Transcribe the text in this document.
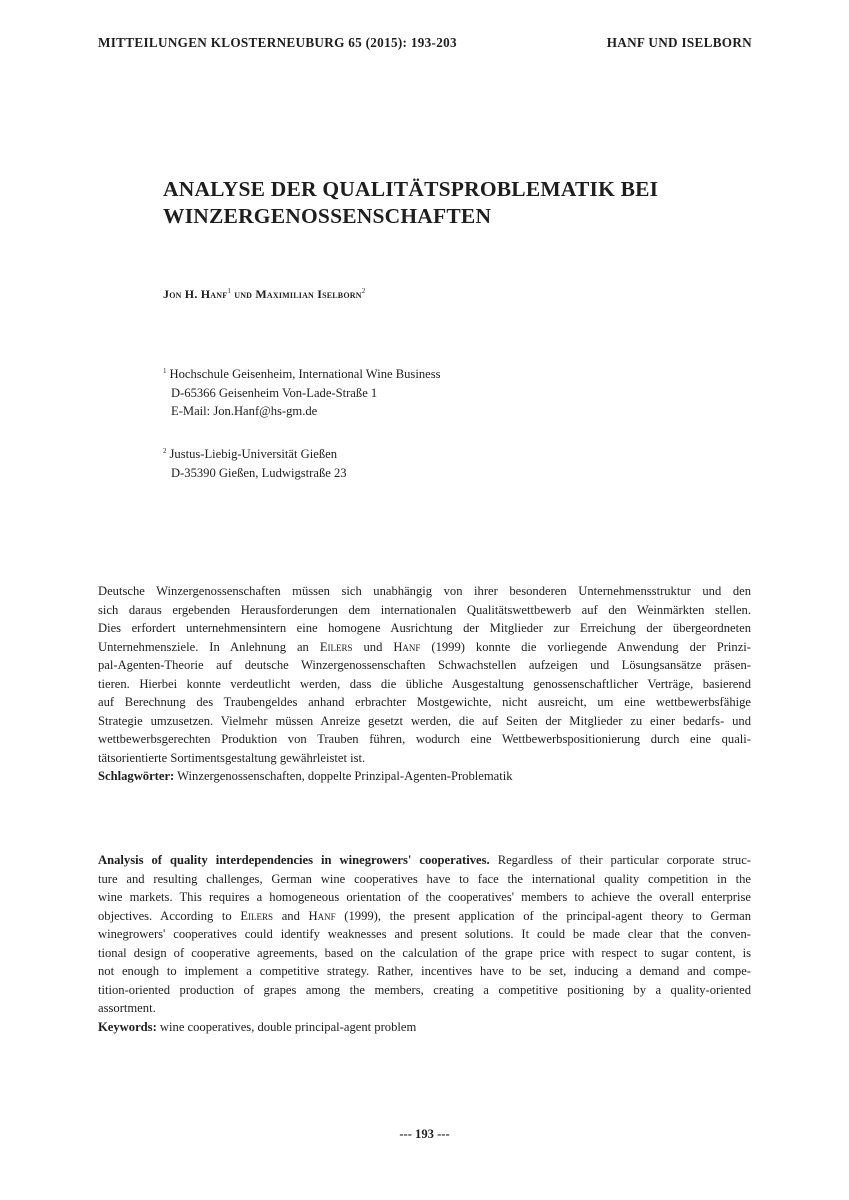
MITTEILUNGEN KLOSTERNEUBURG 65 (2015): 193-203	HANF UND ISELBORN
ANALYSE DER QUALITÄTSPROBLEMATIK BEI
WINZERGENOSSENSCHAFTEN
Jon H. Hanf$^1$ und Maximilian Iselborn$^2$
$^1$ Hochschule Geisenheim, International Wine Business
D-65366 Geisenheim Von-Lade-Straße 1
E-Mail: Jon.Hanf@hs-gm.de
$^2$ Justus-Liebig-Universität Gießen
D-35390 Gießen, Ludwigstraße 23
Deutsche Winzergenossenschaften müssen sich unabhängig von ihrer besonderen Unternehmensstruktur und den
sich daraus ergebenden Herausforderungen dem internationalen Qualitätswettbewerb auf den Weinmärkten stellen.
Dies erfordert unternehmensintern eine homogene Ausrichtung der Mitglieder zur Erreichung der übergeordneten
Unternehmensziele. In Anlehnung an Eilers und Hanf (1999) konnte die vorliegende Anwendung der Prinzi-
pal-Agenten-Theorie auf deutsche Winzergenossenschaften Schwachstellen aufzeigen und Lösungsansätze präsen-
tieren. Hierbei konnte verdeutlicht werden, dass die übliche Ausgestaltung genossenschaftlicher Verträge, basierend
auf Berechnung des Traubengeldes anhand erbrachter Mostgewichte, nicht ausreicht, um eine wettbewerbsfähige
Strategie umzusetzen. Vielmehr müssen Anreize gesetzt werden, die auf Seiten der Mitglieder zu einer bedarfs- und
wettbewerbsgerechten Produktion von Trauben führen, wodurch eine Wettbewerbspositionierung durch eine quali-
tätsorientierte Sortimentsgestaltung gewährleistet ist.
Schlagwörter: Winzergenossenschaften, doppelte Prinzipal-Agenten-Problematik
Analysis of quality interdependencies in winegrowers' cooperatives. Regardless of their particular corporate struc-
ture and resulting challenges, German wine cooperatives have to face the international quality competition in the
wine markets. This requires a homogeneous orientation of the cooperatives' members to achieve the overall enterprise
objectives. According to Eilers and Hanf (1999), the present application of the principal-agent theory to German
winegrowers' cooperatives could identify weaknesses and present solutions. It could be made clear that the conven-
tional design of cooperative agreements, based on the calculation of the grape price with respect to sugar content, is
not enough to implement a competitive strategy. Rather, incentives have to be set, inducing a demand and compe-
tition-oriented production of grapes among the members, creating a competitive positioning by a quality-oriented
assortment.
Keywords: wine cooperatives, double principal-agent problem
--- 193 ---
